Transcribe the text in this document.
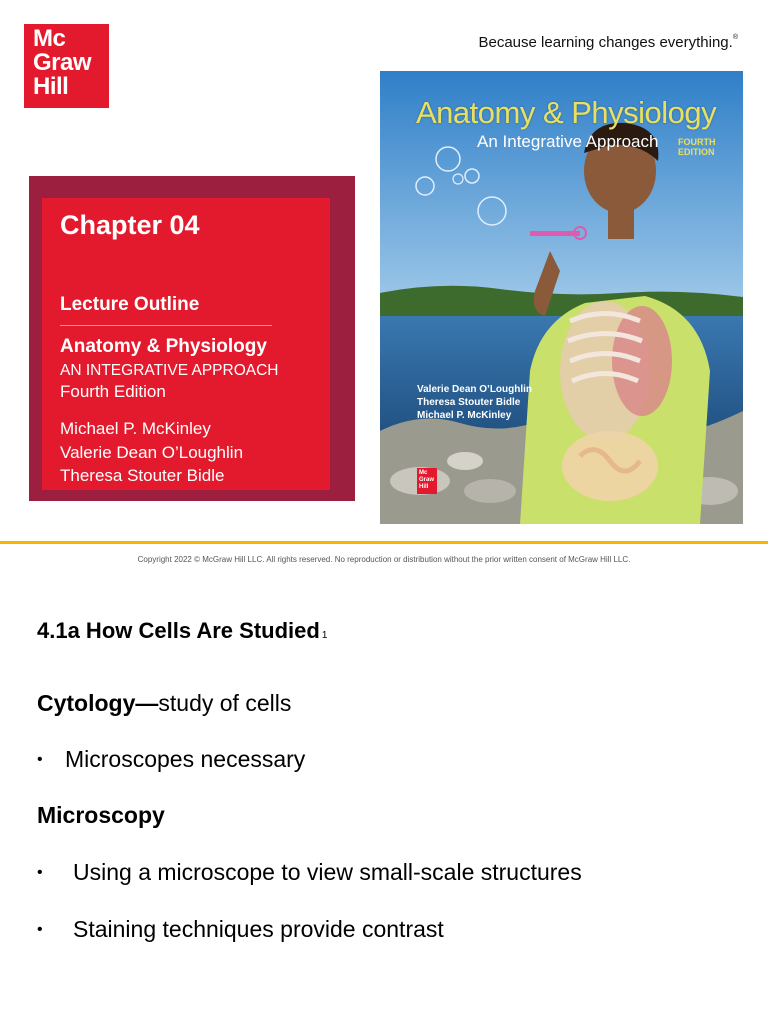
Mc
Graw
Hill
Because learning changes everything.®
Chapter 04
Lecture Outline
Anatomy & Physiology
AN INTEGRATIVE APPROACH
Fourth Edition
Michael P. McKinley
Valerie Dean O’Loughlin
Theresa Stouter Bidle
Anatomy & Physiology
An Integrative Approach FOURTH EDITION
Valerie Dean O’Loughlin
Theresa Stouter Bidle
Michael P. McKinley
Mc
Graw
Hill
Copyright 2022 © McGraw Hill LLC. All rights reserved. No reproduction or distribution without the prior written consent of McGraw Hill LLC.
4.1a How Cells Are Studied 1
Cytology—study of cells
• Microscopes necessary
Microscopy
• Using a microscope to view small-scale structures
• Staining techniques provide contrast
